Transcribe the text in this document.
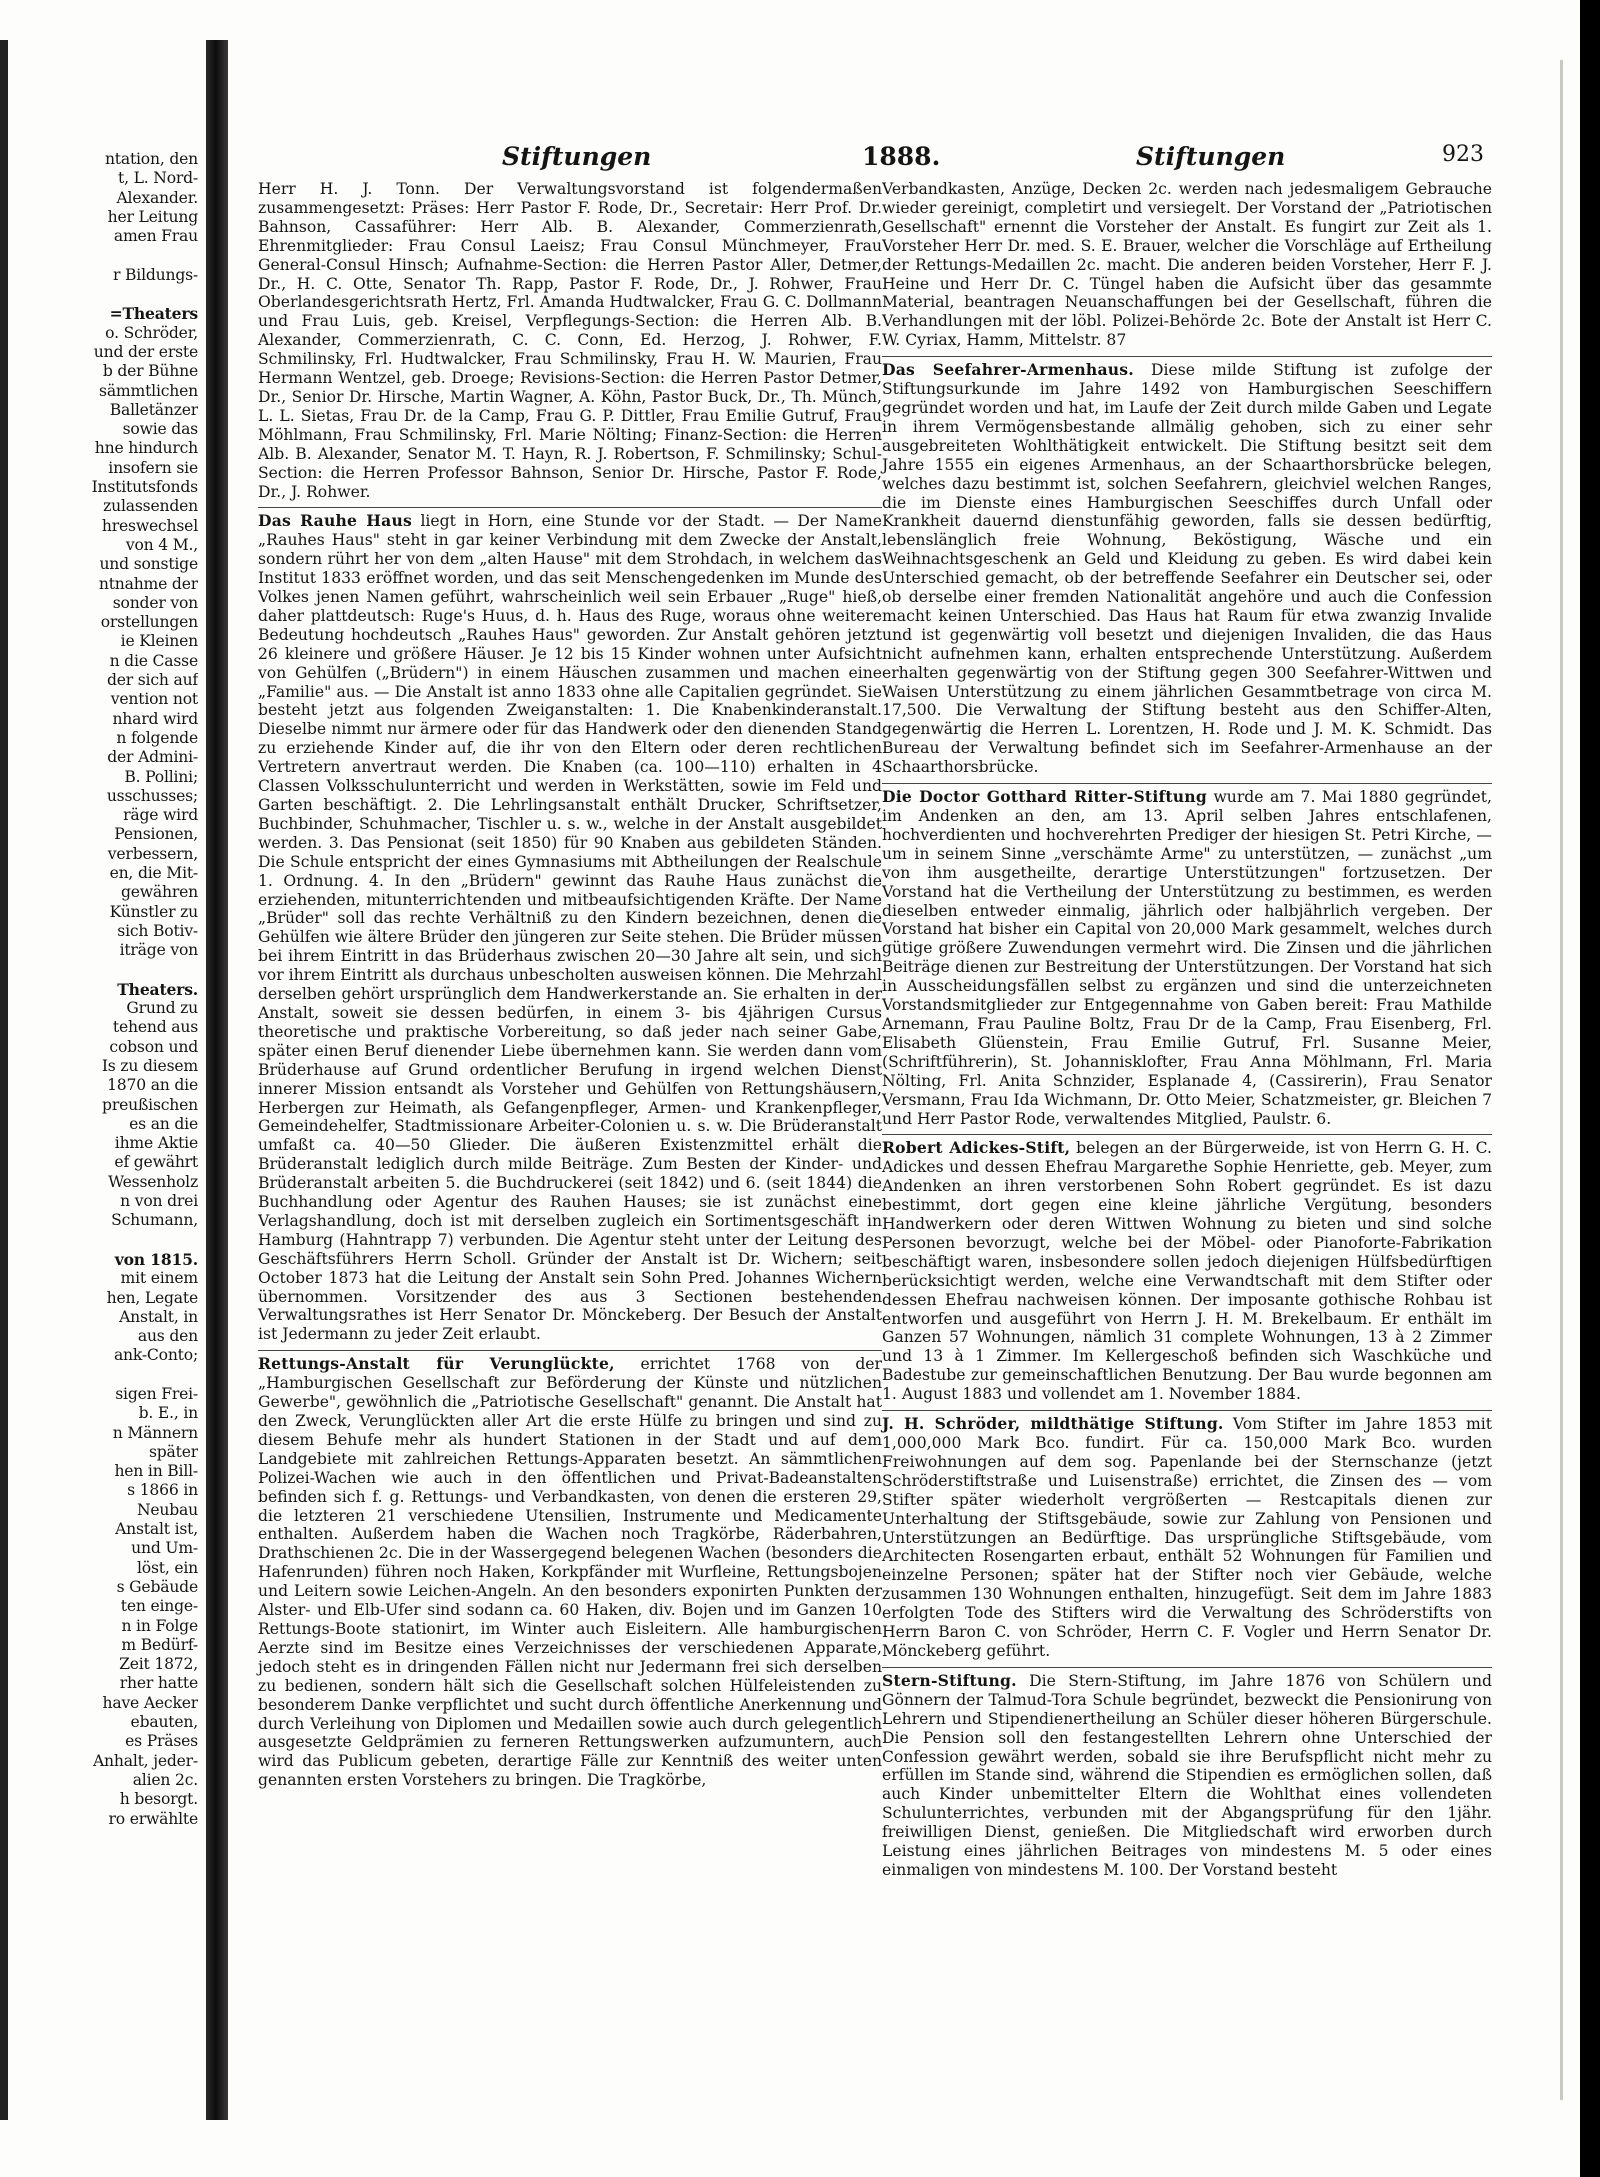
ntation, den
t, L. Nord-
Alexander.
her Leitung
amen Frau

r Bildungs-

=Theaters
o. Schröder,
und der erste
b der Bühne
sämmtlichen
Balletänzer
sowie das
hne hindurch
insofern sie
Institutsfonds
zulassenden
hreswechsel
von 4 M.,
und sonstige
ntnahme der
sonder von
orstellungen
ie Kleinen
n die Casse
der sich auf
vention not
nhard wird
n folgende
der Admini-
B. Pollini;
usschusses;
räge wird
Pensionen,
verbessern,
en, die Mit-
gewähren
Künstler zu
sich Botiv-
iträge von

Theaters.
Grund zu
tehend aus
cobson und
Is zu diesem
1870 an die
preußischen
es an die
ihme Aktie
ef gewährt
Wessenholz
n von drei
Schumann,

von 1815.
mit einem
hen, Legate
Anstalt, in
aus den
ank-Conto;

sigen Frei-
b. E., in
n Männern
später
hen in Bill-
s 1866 in
Neubau
Anstalt ist,
und Um-
löst, ein
s Gebäude
ten einge-
n in Folge
m Bedürf-
Zeit 1872,
rher hatte
have Aecker
ebauten,
es Präses
Anhalt, jeder-
alien 2c.
h besorgt.
ro erwählte
Stiftungen	1888.	Stiftungen	923

Herr H. J. Tonn. Der Verwaltungsvorstand ist folgendermaßen zusammengesetzt: Präses: Herr Pastor F. Rode, Dr., Secretair: Herr Prof. Dr. Bahnson, Cassaführer: Herr Alb. B. Alexander, Commerzienrath, Ehrenmitglieder: Frau Consul Laeisz; Frau Consul Münchmeyer, Frau General-Consul Hinsch; Aufnahme-Section: die Herren Pastor Aller, Detmer, Dr., H. C. Otte, Senator Th. Rapp, Pastor F. Rode, Dr., J. Rohwer, Frau Oberlandesgerichtsrath Hertz, Frl. Amanda Hudtwalcker, Frau G. C. Dollmann und Frau Luis, geb. Kreisel, Verpflegungs-Section: die Herren Alb. B. Alexander, Commerzienrath, C. C. Conn, Ed. Herzog, J. Rohwer, F. Schmilinsky, Frl. Hudtwalcker, Frau Schmilinsky, Frau H. W. Maurien, Frau Hermann Wentzel, geb. Droege; Revisions-Section: die Herren Pastor Detmer, Dr., Senior Dr. Hirsche, Martin Wagner, A. Köhn, Pastor Buck, Dr., Th. Münch, L. L. Sietas, Frau Dr. de la Camp, Frau G. P. Dittler, Frau Emilie Gutruf, Frau Möhlmann, Frau Schmilinsky, Frl. Marie Nölting; Finanz-Section: die Herren Alb. B. Alexander, Senator M. T. Hayn, R. J. Robertson, F. Schmilinsky; Schul-Section: die Herren Professor Bahnson, Senior Dr. Hirsche, Pastor F. Rode, Dr., J. Rohwer.

Das Rauhe Haus liegt in Horn, eine Stunde vor der Stadt. — Der Name „Rauhes Haus" steht in gar keiner Verbindung mit dem Zwecke der Anstalt, sondern rührt her von dem „alten Hause" mit dem Strohdach, in welchem das Institut 1833 eröffnet worden, und das seit Menschengedenken im Munde des Volkes jenen Namen geführt, wahrscheinlich weil sein Erbauer „Ruge" hieß, daher plattdeutsch: Ruge's Huus, d. h. Haus des Ruge, woraus ohne weitere Bedeutung hochdeutsch „Rauhes Haus" geworden. Zur Anstalt gehören jetzt 26 kleinere und größere Häuser. Je 12 bis 15 Kinder wohnen unter Aufsicht von Gehülfen („Brüdern") in einem Häuschen zusammen und machen eine „Familie" aus. — Die Anstalt ist anno 1833 ohne alle Capitalien gegründet. Sie besteht jetzt aus folgenden Zweiganstalten: 1. Die Knabenkinderanstalt. Dieselbe nimmt nur ärmere oder für das Handwerk oder den dienenden Stand zu erziehende Kinder auf, die ihr von den Eltern oder deren rechtlichen Vertretern anvertraut werden. Die Knaben (ca. 100—110) erhalten in 4 Classen Volksschulunterricht und werden in Werkstätten, sowie im Feld und Garten beschäftigt. 2. Die Lehrlingsanstalt enthält Drucker, Schriftsetzer, Buchbinder, Schuhmacher, Tischler u. s. w., welche in der Anstalt ausgebildet werden. 3. Das Pensionat (seit 1850) für 90 Knaben aus gebildeten Ständen. Die Schule entspricht der eines Gymnasiums mit Abtheilungen der Realschule 1. Ordnung. 4. In den „Brüdern" gewinnt das Rauhe Haus zunächst die erziehenden, mitunterrichtenden und mitbeaufsichtigenden Kräfte. Der Name „Brüder" soll das rechte Verhältniß zu den Kindern bezeichnen, denen die Gehülfen wie ältere Brüder den jüngeren zur Seite stehen. Die Brüder müssen bei ihrem Eintritt in das Brüderhaus zwischen 20—30 Jahre alt sein, und sich vor ihrem Eintritt als durchaus unbescholten ausweisen können. Die Mehrzahl derselben gehört ursprünglich dem Handwerkerstande an. Sie erhalten in der Anstalt, soweit sie dessen bedürfen, in einem 3- bis 4jährigen Cursus theoretische und praktische Vorbereitung, so daß jeder nach seiner Gabe, später einen Beruf dienender Liebe übernehmen kann. Sie werden dann vom Brüderhause auf Grund ordentlicher Berufung in irgend welchen Dienst innerer Mission entsandt als Vorsteher und Gehülfen von Rettungshäusern, Herbergen zur Heimath, als Gefangenpfleger, Armen- und Krankenpfleger, Gemeindehelfer, Stadtmissionare Arbeiter-Colonien u. s. w. Die Brüderanstalt umfaßt ca. 40—50 Glieder. Die äußeren Existenzmittel erhält die Brüderanstalt lediglich durch milde Beiträge. Zum Besten der Kinder- und Brüderanstalt arbeiten 5. die Buchdruckerei (seit 1842) und 6. (seit 1844) die Buchhandlung oder Agentur des Rauhen Hauses; sie ist zunächst eine Verlagshandlung, doch ist mit derselben zugleich ein Sortimentsgeschäft in Hamburg (Hahntrapp 7) verbunden. Die Agentur steht unter der Leitung des Geschäftsführers Herrn Scholl. Gründer der Anstalt ist Dr. Wichern; seit October 1873 hat die Leitung der Anstalt sein Sohn Pred. Johannes Wichern übernommen. Vorsitzender des aus 3 Sectionen bestehenden Verwaltungsrathes ist Herr Senator Dr. Mönckeberg. Der Besuch der Anstalt ist Jedermann zu jeder Zeit erlaubt.

Rettungs-Anstalt für Verunglückte, errichtet 1768 von der „Hamburgischen Gesellschaft zur Beförderung der Künste und nützlichen Gewerbe", gewöhnlich die „Patriotische Gesellschaft" genannt. Die Anstalt hat den Zweck, Verunglückten aller Art die erste Hülfe zu bringen und sind zu diesem Behufe mehr als hundert Stationen in der Stadt und auf dem Landgebiete mit zahlreichen Rettungs-Apparaten besetzt. An sämmtlichen Polizei-Wachen wie auch in den öffentlichen und Privat-Badeanstalten befinden sich f. g. Rettungs- und Verbandkasten, von denen die ersteren 29, die letzteren 21 verschiedene Utensilien, Instrumente und Medicamente enthalten. Außerdem haben die Wachen noch Tragkörbe, Räderbahren, Drathschienen 2c. Die in der Wassergegend belegenen Wachen (besonders die Hafenrunden) führen noch Haken, Korkpfänder mit Wurfleine, Rettungsbojen und Leitern sowie Leichen-Angeln. An den besonders exponirten Punkten der Alster- und Elb-Ufer sind sodann ca. 60 Haken, div. Bojen und im Ganzen 10 Rettungs-Boote stationirt, im Winter auch Eisleitern. Alle hamburgischen Aerzte sind im Besitze eines Verzeichnisses der verschiedenen Apparate, jedoch steht es in dringenden Fällen nicht nur Jedermann frei sich derselben zu bedienen, sondern hält sich die Gesellschaft solchen Hülfeleistenden zu besonderem Danke verpflichtet und sucht durch öffentliche Anerkennung und durch Verleihung von Diplomen und Medaillen sowie auch durch gelegentlich ausgesetzte Geldprämien zu ferneren Rettungswerken aufzumuntern, auch wird das Publicum gebeten, derartige Fälle zur Kenntniß des weiter unten genannten ersten Vorstehers zu bringen. Die Tragkörbe,

Verbandkasten, Anzüge, Decken 2c. werden nach jedesmaligem Gebrauche wieder gereinigt, completirt und versiegelt. Der Vorstand der „Patriotischen Gesellschaft" ernennt die Vorsteher der Anstalt. Es fungirt zur Zeit als 1. Vorsteher Herr Dr. med. S. E. Brauer, welcher die Vorschläge auf Ertheilung der Rettungs-Medaillen 2c. macht. Die anderen beiden Vorsteher, Herr F. J. Heine und Herr Dr. C. Tüngel haben die Aufsicht über das gesammte Material, beantragen Neuanschaffungen bei der Gesellschaft, führen die Verhandlungen mit der löbl. Polizei-Behörde 2c. Bote der Anstalt ist Herr C. W. Cyriax, Hamm, Mittelstr. 87

Das Seefahrer-Armenhaus. Diese milde Stiftung ist zufolge der Stiftungsurkunde im Jahre 1492 von Hamburgischen Seeschiffern gegründet worden und hat, im Laufe der Zeit durch milde Gaben und Legate in ihrem Vermögensbestande allmälig gehoben, sich zu einer sehr ausgebreiteten Wohlthätigkeit entwickelt. Die Stiftung besitzt seit dem Jahre 1555 ein eigenes Armenhaus, an der Schaarthorsbrücke belegen, welches dazu bestimmt ist, solchen Seefahrern, gleichviel welchen Ranges, die im Dienste eines Hamburgischen Seeschiffes durch Unfall oder Krankheit dauernd dienstunfähig geworden, falls sie dessen bedürftig, lebenslänglich freie Wohnung, Beköstigung, Wäsche und ein Weihnachtsgeschenk an Geld und Kleidung zu geben. Es wird dabei kein Unterschied gemacht, ob der betreffende Seefahrer ein Deutscher sei, oder ob derselbe einer fremden Nationalität angehöre und auch die Confession macht keinen Unterschied. Das Haus hat Raum für etwa zwanzig Invalide und ist gegenwärtig voll besetzt und diejenigen Invaliden, die das Haus nicht aufnehmen kann, erhalten entsprechende Unterstützung. Außerdem erhalten gegenwärtig von der Stiftung gegen 300 Seefahrer-Wittwen und Waisen Unterstützung zu einem jährlichen Gesammtbetrage von circa M. 17,500. Die Verwaltung der Stiftung besteht aus den Schiffer-Alten, gegenwärtig die Herren L. Lorentzen, H. Rode und J. M. K. Schmidt. Das Bureau der Verwaltung befindet sich im Seefahrer-Armenhause an der Schaarthorsbrücke.

Die Doctor Gotthard Ritter-Stiftung wurde am 7. Mai 1880 gegründet, im Andenken an den, am 13. April selben Jahres entschlafenen, hochverdienten und hochverehrten Prediger der hiesigen St. Petri Kirche, — um in seinem Sinne „verschämte Arme" zu unterstützen, — zunächst „um von ihm ausgetheilte, derartige Unterstützungen" fortzusetzen. Der Vorstand hat die Vertheilung der Unterstützung zu bestimmen, es werden dieselben entweder einmalig, jährlich oder halbjährlich vergeben. Der Vorstand hat bisher ein Capital von 20,000 Mark gesammelt, welches durch gütige größere Zuwendungen vermehrt wird. Die Zinsen und die jährlichen Beiträge dienen zur Bestreitung der Unterstützungen. Der Vorstand hat sich in Ausscheidungsfällen selbst zu ergänzen und sind die unterzeichneten Vorstandsmitglieder zur Entgegennahme von Gaben bereit: Frau Mathilde Arnemann, Frau Pauline Boltz, Frau Dr de la Camp, Frau Eisenberg, Frl. Elisabeth Glüenstein, Frau Emilie Gutruf, Frl. Susanne Meier, (Schriftführerin), St. Johannisklofter, Frau Anna Möhlmann, Frl. Maria Nölting, Frl. Anita Schnzider, Esplanade 4, (Cassirerin), Frau Senator Versmann, Frau Ida Wichmann, Dr. Otto Meier, Schatzmeister, gr. Bleichen 7 und Herr Pastor Rode, verwaltendes Mitglied, Paulstr. 6.

Robert Adickes-Stift, belegen an der Bürgerweide, ist von Herrn G. H. C. Adickes und dessen Ehefrau Margarethe Sophie Henriette, geb. Meyer, zum Andenken an ihren verstorbenen Sohn Robert gegründet. Es ist dazu bestimmt, dort gegen eine kleine jährliche Vergütung, besonders Handwerkern oder deren Wittwen Wohnung zu bieten und sind solche Personen bevorzugt, welche bei der Möbel- oder Pianoforte-Fabrikation beschäftigt waren, insbesondere sollen jedoch diejenigen Hülfsbedürftigen berücksichtigt werden, welche eine Verwandtschaft mit dem Stifter oder dessen Ehefrau nachweisen können. Der imposante gothische Rohbau ist entworfen und ausgeführt von Herrn J. H. M. Brekelbaum. Er enthält im Ganzen 57 Wohnungen, nämlich 31 complete Wohnungen, 13 à 2 Zimmer und 13 à 1 Zimmer. Im Kellergeschoß befinden sich Waschküche und Badestube zur gemeinschaftlichen Benutzung. Der Bau wurde begonnen am 1. August 1883 und vollendet am 1. November 1884.

J. H. Schröder, mildthätige Stiftung. Vom Stifter im Jahre 1853 mit 1,000,000 Mark Bco. fundirt. Für ca. 150,000 Mark Bco. wurden Freiwohnungen auf dem sog. Papenlande bei der Sternschanze (jetzt Schröderstiftstraße und Luisenstraße) errichtet, die Zinsen des — vom Stifter später wiederholt vergrößerten — Restcapitals dienen zur Unterhaltung der Stiftsgebäude, sowie zur Zahlung von Pensionen und Unterstützungen an Bedürftige. Das ursprüngliche Stiftsgebäude, vom Architecten Rosengarten erbaut, enthält 52 Wohnungen für Familien und einzelne Personen; später hat der Stifter noch vier Gebäude, welche zusammen 130 Wohnungen enthalten, hinzugefügt. Seit dem im Jahre 1883 erfolgten Tode des Stifters wird die Verwaltung des Schröderstifts von Herrn Baron C. von Schröder, Herrn C. F. Vogler und Herrn Senator Dr. Mönckeberg geführt.

Stern-Stiftung. Die Stern-Stiftung, im Jahre 1876 von Schülern und Gönnern der Talmud-Tora Schule begründet, bezweckt die Pensionirung von Lehrern und Stipendienertheilung an Schüler dieser höheren Bürgerschule. Die Pension soll den festangestellten Lehrern ohne Unterschied der Confession gewährt werden, sobald sie ihre Berufspflicht nicht mehr zu erfüllen im Stande sind, während die Stipendien es ermöglichen sollen, daß auch Kinder unbemittelter Eltern die Wohlthat eines vollendeten Schulunterrichtes, verbunden mit der Abgangsprüfung für den 1jähr. freiwilligen Dienst, genießen. Die Mitgliedschaft wird erworben durch Leistung eines jährlichen Beitrages von mindestens M. 5 oder eines einmaligen von mindestens M. 100. Der Vorstand besteht
